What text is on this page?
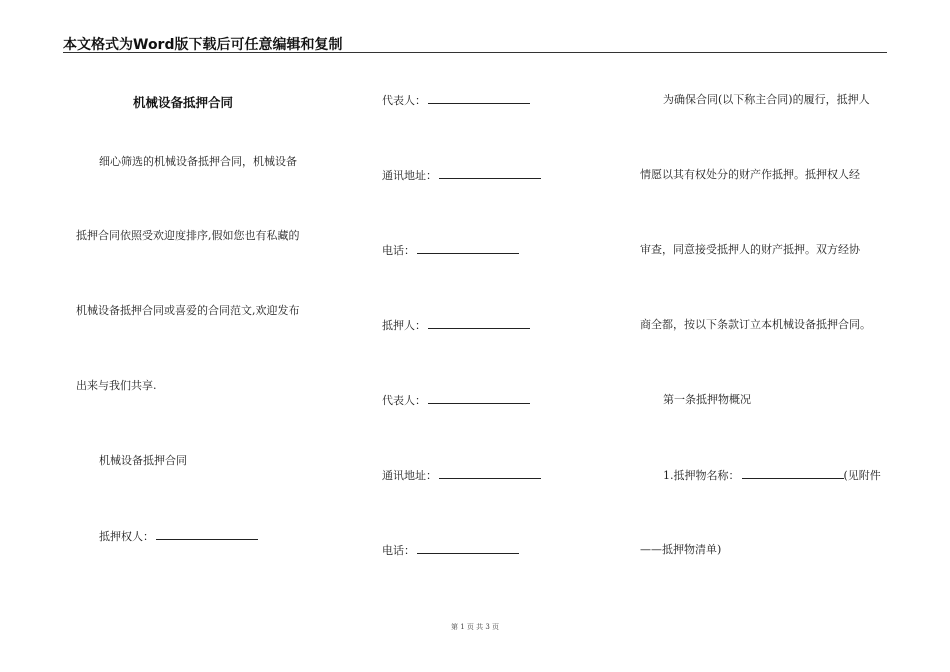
本文格式为Word版下载后可任意编辑和复制
机械设备抵押合同
细心筛选的机械设备抵押合同，机械设备
抵押合同依照受欢迎度排序,假如您也有私藏的
机械设备抵押合同或喜爱的合同范文,欢迎发布
出来与我们共享.
机械设备抵押合同
抵押权人：
代表人：
通讯地址：
电话：
抵押人：
代表人：
通讯地址：
电话：
为确保合同(以下称主合同)的履行，抵押人
情愿以其有权处分的财产作抵押。抵押权人经
审查，同意接受抵押人的财产抵押。双方经协
商全都，按以下条款订立本机械设备抵押合同。
第一条抵押物概况
1.抵押物名称：	(见附件
——抵押物清单)
第 1 页 共 3 页
